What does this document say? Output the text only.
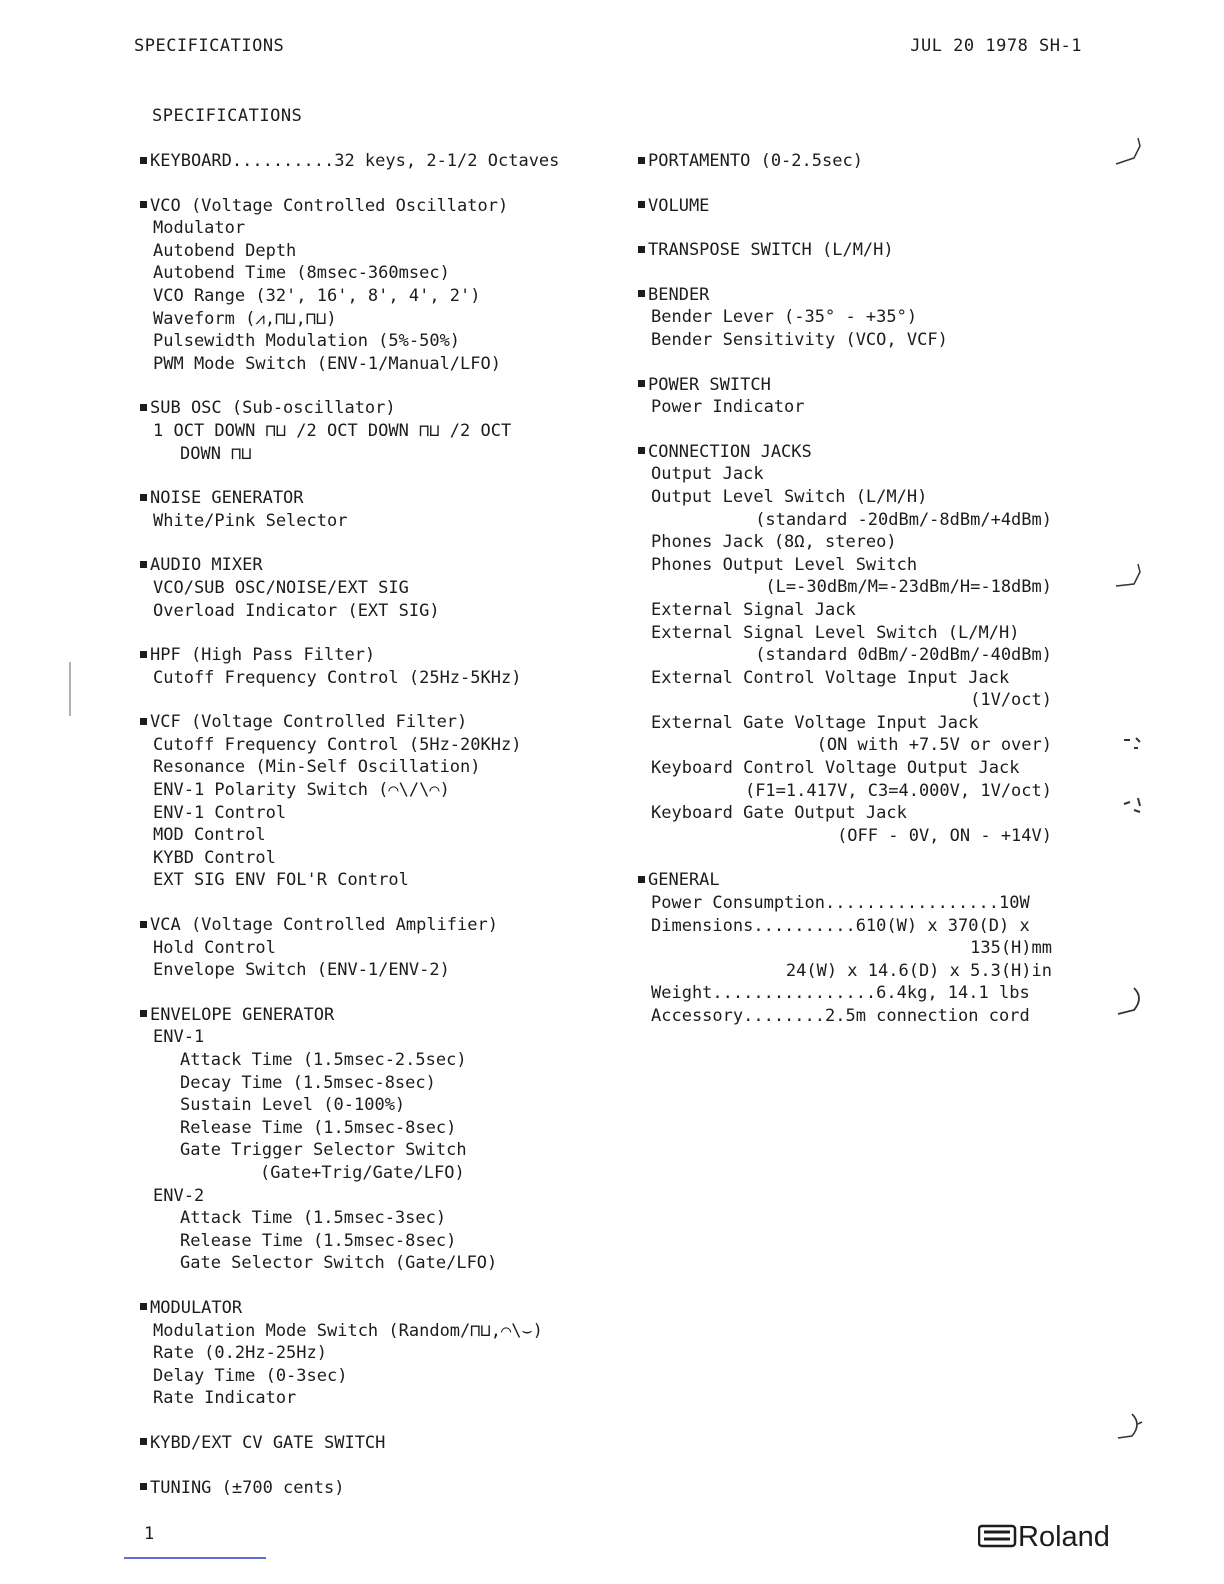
SPECIFICATIONS	JUL 20 1978 SH-1
SPECIFICATIONS
KEYBOARD..........32 keys, 2-1/2 Octaves
VCO (Voltage Controlled Oscillator)
Modulator
Autobend Depth
Autobend Time (8msec-360msec)
VCO Range (32', 16', 8', 4', 2')
Waveform (⩘,⊓⊔,⊓⊔)
Pulsewidth Modulation (5%-50%)
PWM Mode Switch (ENV-1/Manual/LFO)
SUB OSC (Sub-oscillator)
1 OCT DOWN ⊓⊔ /2 OCT DOWN ⊓⊔ /2 OCT
DOWN ⊓⊔
NOISE GENERATOR
White/Pink Selector
AUDIO MIXER
VCO/SUB OSC/NOISE/EXT SIG
Overload Indicator (EXT SIG)
HPF (High Pass Filter)
Cutoff Frequency Control (25Hz-5KHz)
VCF (Voltage Controlled Filter)
Cutoff Frequency Control (5Hz-20KHz)
Resonance (Min-Self Oscillation)
ENV-1 Polarity Switch (⌒\/\⌒)
ENV-1 Control
MOD Control
KYBD Control
EXT SIG ENV FOL'R Control
VCA (Voltage Controlled Amplifier)
Hold Control
Envelope Switch (ENV-1/ENV-2)
ENVELOPE GENERATOR
ENV-1
Attack Time (1.5msec-2.5sec)
Decay Time (1.5msec-8sec)
Sustain Level (0-100%)
Release Time (1.5msec-8sec)
Gate Trigger Selector Switch
(Gate+Trig/Gate/LFO)
ENV-2
Attack Time (1.5msec-3sec)
Release Time (1.5msec-8sec)
Gate Selector Switch (Gate/LFO)
MODULATOR
Modulation Mode Switch (Random/⊓⊔,⌒\⌣)
Rate (0.2Hz-25Hz)
Delay Time (0-3sec)
Rate Indicator
KYBD/EXT CV GATE SWITCH
TUNING (±700 cents)
PORTAMENTO (0-2.5sec)
VOLUME
TRANSPOSE SWITCH (L/M/H)
BENDER
Bender Lever (-35° - +35°)
Bender Sensitivity (VCO, VCF)
POWER SWITCH
Power Indicator
CONNECTION JACKS
Output Jack
Output Level Switch (L/M/H)
(standard -20dBm/-8dBm/+4dBm)
Phones Jack (8Ω, stereo)
Phones Output Level Switch
(L=-30dBm/M=-23dBm/H=-18dBm)
External Signal Jack
External Signal Level Switch (L/M/H)
(standard 0dBm/-20dBm/-40dBm)
External Control Voltage Input Jack
(1V/oct)
External Gate Voltage Input Jack
(ON with +7.5V or over)
Keyboard Control Voltage Output Jack
(F1=1.417V, C3=4.000V, 1V/oct)
Keyboard Gate Output Jack
(OFF - 0V, ON - +14V)
GENERAL
Power Consumption.................10W
Dimensions..........610(W) x 370(D) x
135(H)mm
24(W) x 14.6(D) x 5.3(H)in
Weight................6.4kg, 14.1 lbs
Accessory........2.5m connection cord
1	Roland
